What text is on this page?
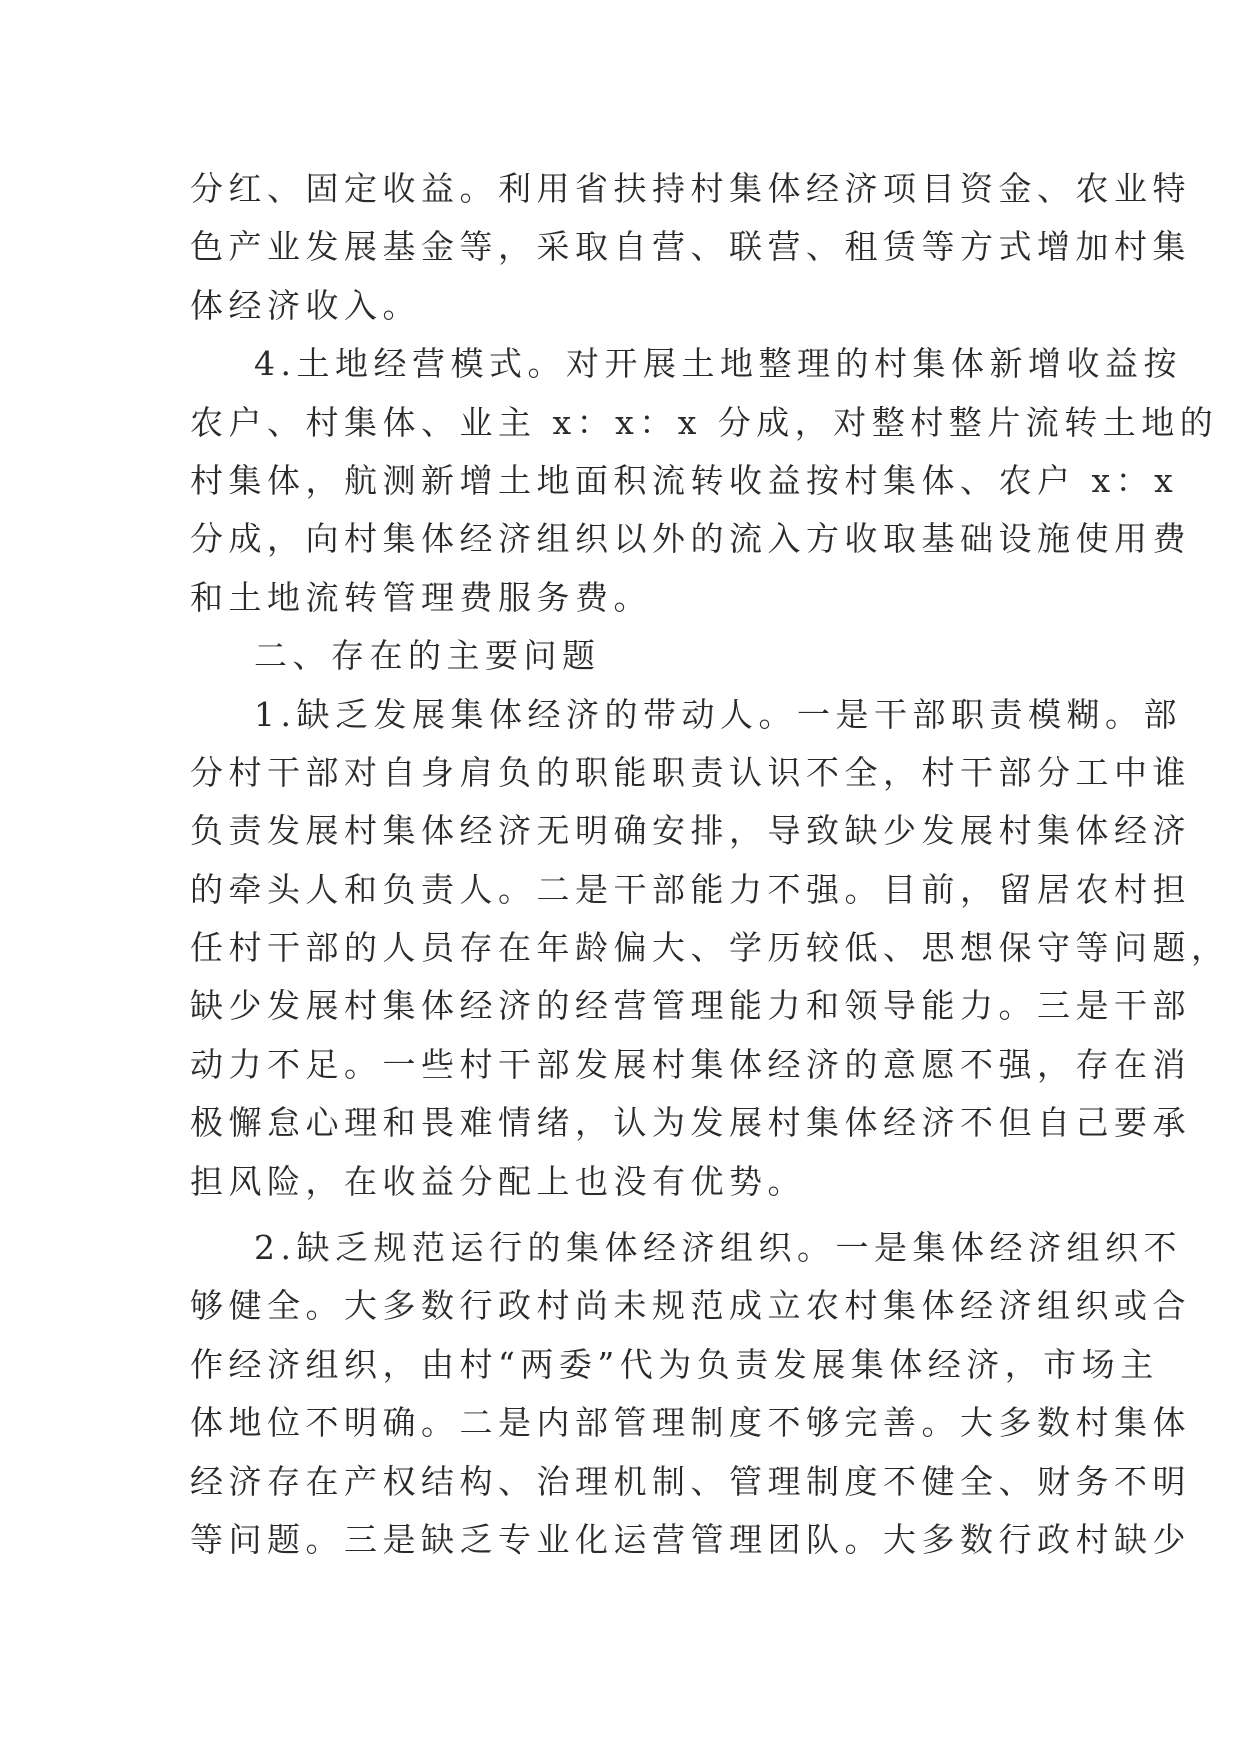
分红、固定收益。利用省扶持村集体经济项目资金、农业特
色产业发展基金等，采取自营、联营、租赁等方式增加村集
体经济收入。
4.土地经营模式。对开展土地整理的村集体新增收益按
农户、村集体、业主 x：x：x 分成，对整村整片流转土地的
村集体，航测新增土地面积流转收益按村集体、农户 x：x
分成，向村集体经济组织以外的流入方收取基础设施使用费
和土地流转管理费服务费。
二、存在的主要问题
1.缺乏发展集体经济的带动人。一是干部职责模糊。部
分村干部对自身肩负的职能职责认识不全，村干部分工中谁
负责发展村集体经济无明确安排，导致缺少发展村集体经济
的牵头人和负责人。二是干部能力不强。目前，留居农村担
任村干部的人员存在年龄偏大、学历较低、思想保守等问题，
缺少发展村集体经济的经营管理能力和领导能力。三是干部
动力不足。一些村干部发展村集体经济的意愿不强，存在消
极懈怠心理和畏难情绪，认为发展村集体经济不但自己要承
担风险，在收益分配上也没有优势。
2.缺乏规范运行的集体经济组织。一是集体经济组织不
够健全。大多数行政村尚未规范成立农村集体经济组织或合
作经济组织，由村“两委”代为负责发展集体经济，市场主
体地位不明确。二是内部管理制度不够完善。大多数村集体
经济存在产权结构、治理机制、管理制度不健全、财务不明
等问题。三是缺乏专业化运营管理团队。大多数行政村缺少
